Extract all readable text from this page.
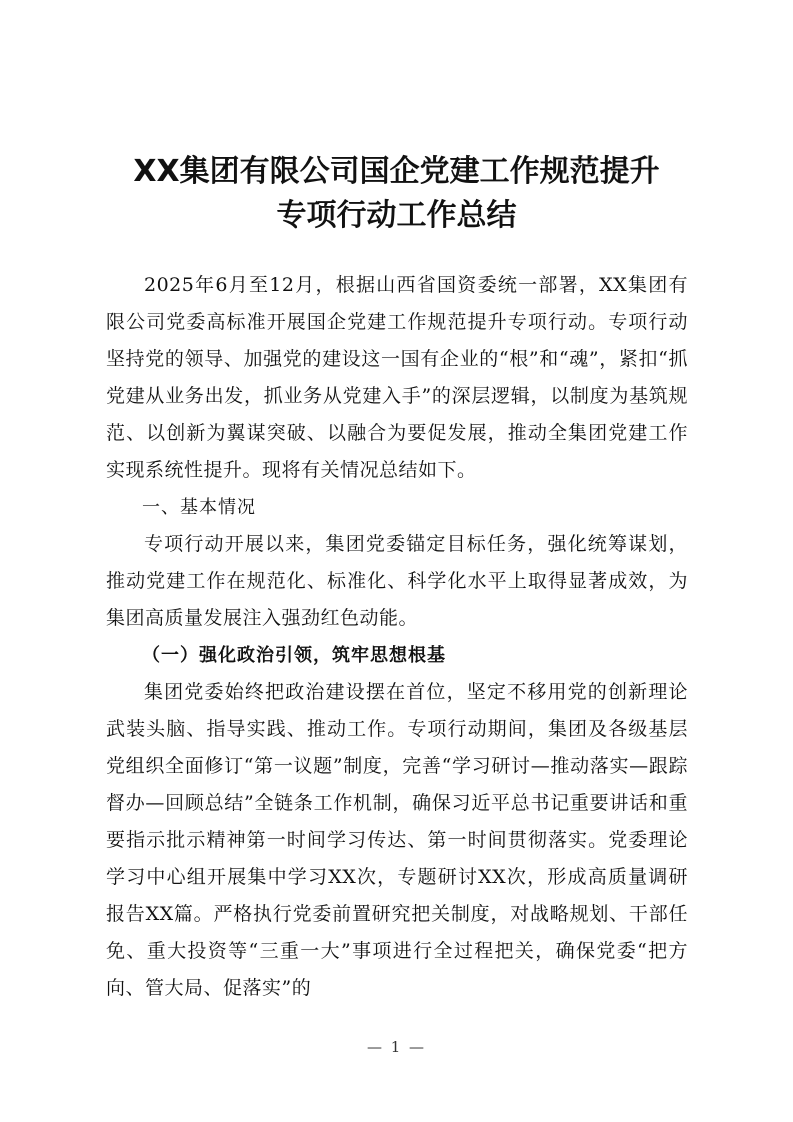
XX集团有限公司国企党建工作规范提升
专项行动工作总结

2025年6月至12月，根据山西省国资委统一部署，XX集团有限公司党委高标准开展国企党建工作规范提升专项行动。专项行动坚持党的领导、加强党的建设这一国有企业的“根”和“魂”，紧扣“抓党建从业务出发，抓业务从党建入手”的深层逻辑，以制度为基筑规范、以创新为翼谋突破、以融合为要促发展，推动全集团党建工作实现系统性提升。现将有关情况总结如下。

一、基本情况

专项行动开展以来，集团党委锚定目标任务，强化统筹谋划，推动党建工作在规范化、标准化、科学化水平上取得显著成效，为集团高质量发展注入强劲红色动能。

（一）强化政治引领，筑牢思想根基

集团党委始终把政治建设摆在首位，坚定不移用党的创新理论武装头脑、指导实践、推动工作。专项行动期间，集团及各级基层党组织全面修订“第一议题”制度，完善“学习研讨—推动落实—跟踪督办—回顾总结”全链条工作机制，确保习近平总书记重要讲话和重要指示批示精神第一时间学习传达、第一时间贯彻落实。党委理论学习中心组开展集中学习XX次，专题研讨XX次，形成高质量调研报告XX篇。严格执行党委前置研究把关制度，对战略规划、干部任免、重大投资等“三重一大”事项进行全过程把关，确保党委“把方向、管大局、促落实”的

— 1 —
